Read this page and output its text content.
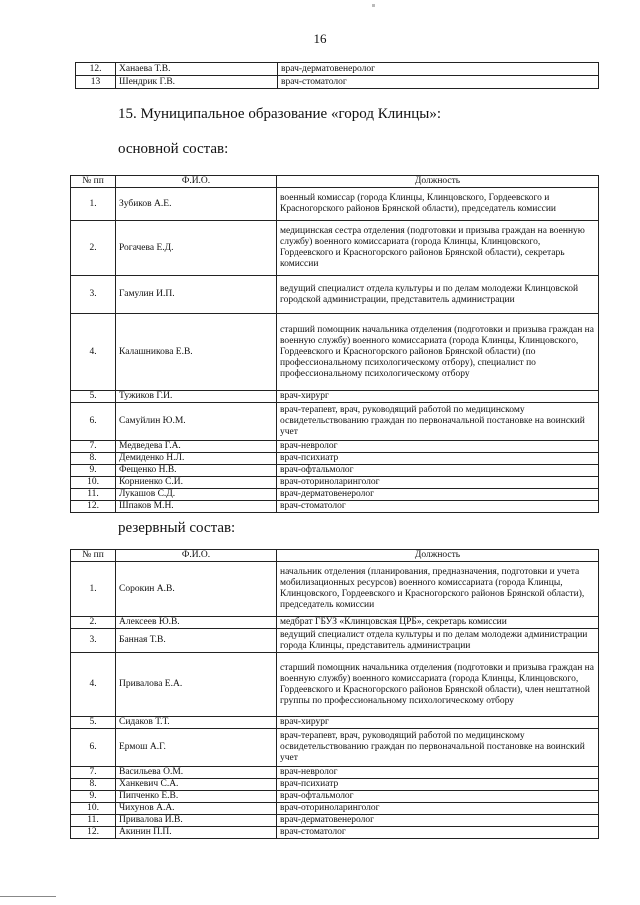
16
12.	Ханаева Т.В.	врач-дерматовенеролог
13	Шендрик Г.В.	врач-стоматолог
15. Муниципальное образование «город Клинцы»:
основной состав:
№ пп	Ф.И.О.	Должность
1.	Зубиков А.Е.	военный комиссар (города Клинцы, Клинцовского, Гордеевского и Красногорского районов Брянской области), председатель комиссии
2.	Рогачева Е.Д.	медицинская сестра отделения (подготовки и призыва граждан на военную службу) военного комиссариата (города Клинцы, Клинцовского, Гордеевского и Красногорского районов Брянской области), секретарь комиссии
3.	Гамулин И.П.	ведущий специалист отдела культуры и по делам молодежи Клинцовской городской администрации, представитель администрации
4.	Калашникова Е.В.	старший помощник начальника отделения (подготовки и призыва граждан на военную службу) военного комиссариата (города Клинцы, Клинцовского, Гордеевского и Красногорского районов Брянской области) (по профессиональному психологическому отбору), специалист по профессиональному психологическому отбору
5.	Тужиков Г.И.	врач-хирург
6.	Самуйлин Ю.М.	врач-терапевт, врач, руководящий работой по медицинскому освидетельствованию граждан по первоначальной постановке на воинский учет
7.	Медведева Г.А.	врач-невролог
8.	Демиденко Н.Л.	врач-психиатр
9.	Фещенко Н.В.	врач-офтальмолог
10.	Корниенко С.И.	врач-оториноларинголог
11.	Лукашов С.Д.	врач-дерматовенеролог
12.	Шпаков М.Н.	врач-стоматолог
резервный состав:
№ пп	Ф.И.О.	Должность
1.	Сорокин А.В.	начальник отделения (планирования, предназначения, подготовки и учета мобилизационных ресурсов) военного комиссариата (города Клинцы, Клинцовского, Гордеевского и Красногорского районов Брянской области), председатель комиссии
2.	Алексеев Ю.В.	медбрат ГБУЗ «Клинцовская ЦРБ», секретарь комиссии
3.	Банная Т.В.	ведущий специалист отдела культуры и по делам молодежи администрации города Клинцы, представитель администрации
4.	Привалова Е.А.	старший помощник начальника отделения (подготовки и призыва граждан на военную службу) военного комиссариата (города Клинцы, Клинцовского, Гордеевского и Красногорского районов Брянской области), член нештатной группы по профессиональному психологическому отбору
5.	Сидаков Т.Т.	врач-хирург
6.	Ермош А.Г.	врач-терапевт, врач, руководящий работой по медицинскому освидетельствованию граждан по первоначальной постановке на воинский учет
7.	Васильева О.М.	врач-невролог
8.	Ханкевич С.А.	врач-психиатр
9.	Пипченко Е.В.	врач-офтальмолог
10.	Чихунов А.А.	врач-оториноларинголог
11.	Привалова И.В.	врач-дерматовенеролог
12.	Акинин П.П.	врач-стоматолог
